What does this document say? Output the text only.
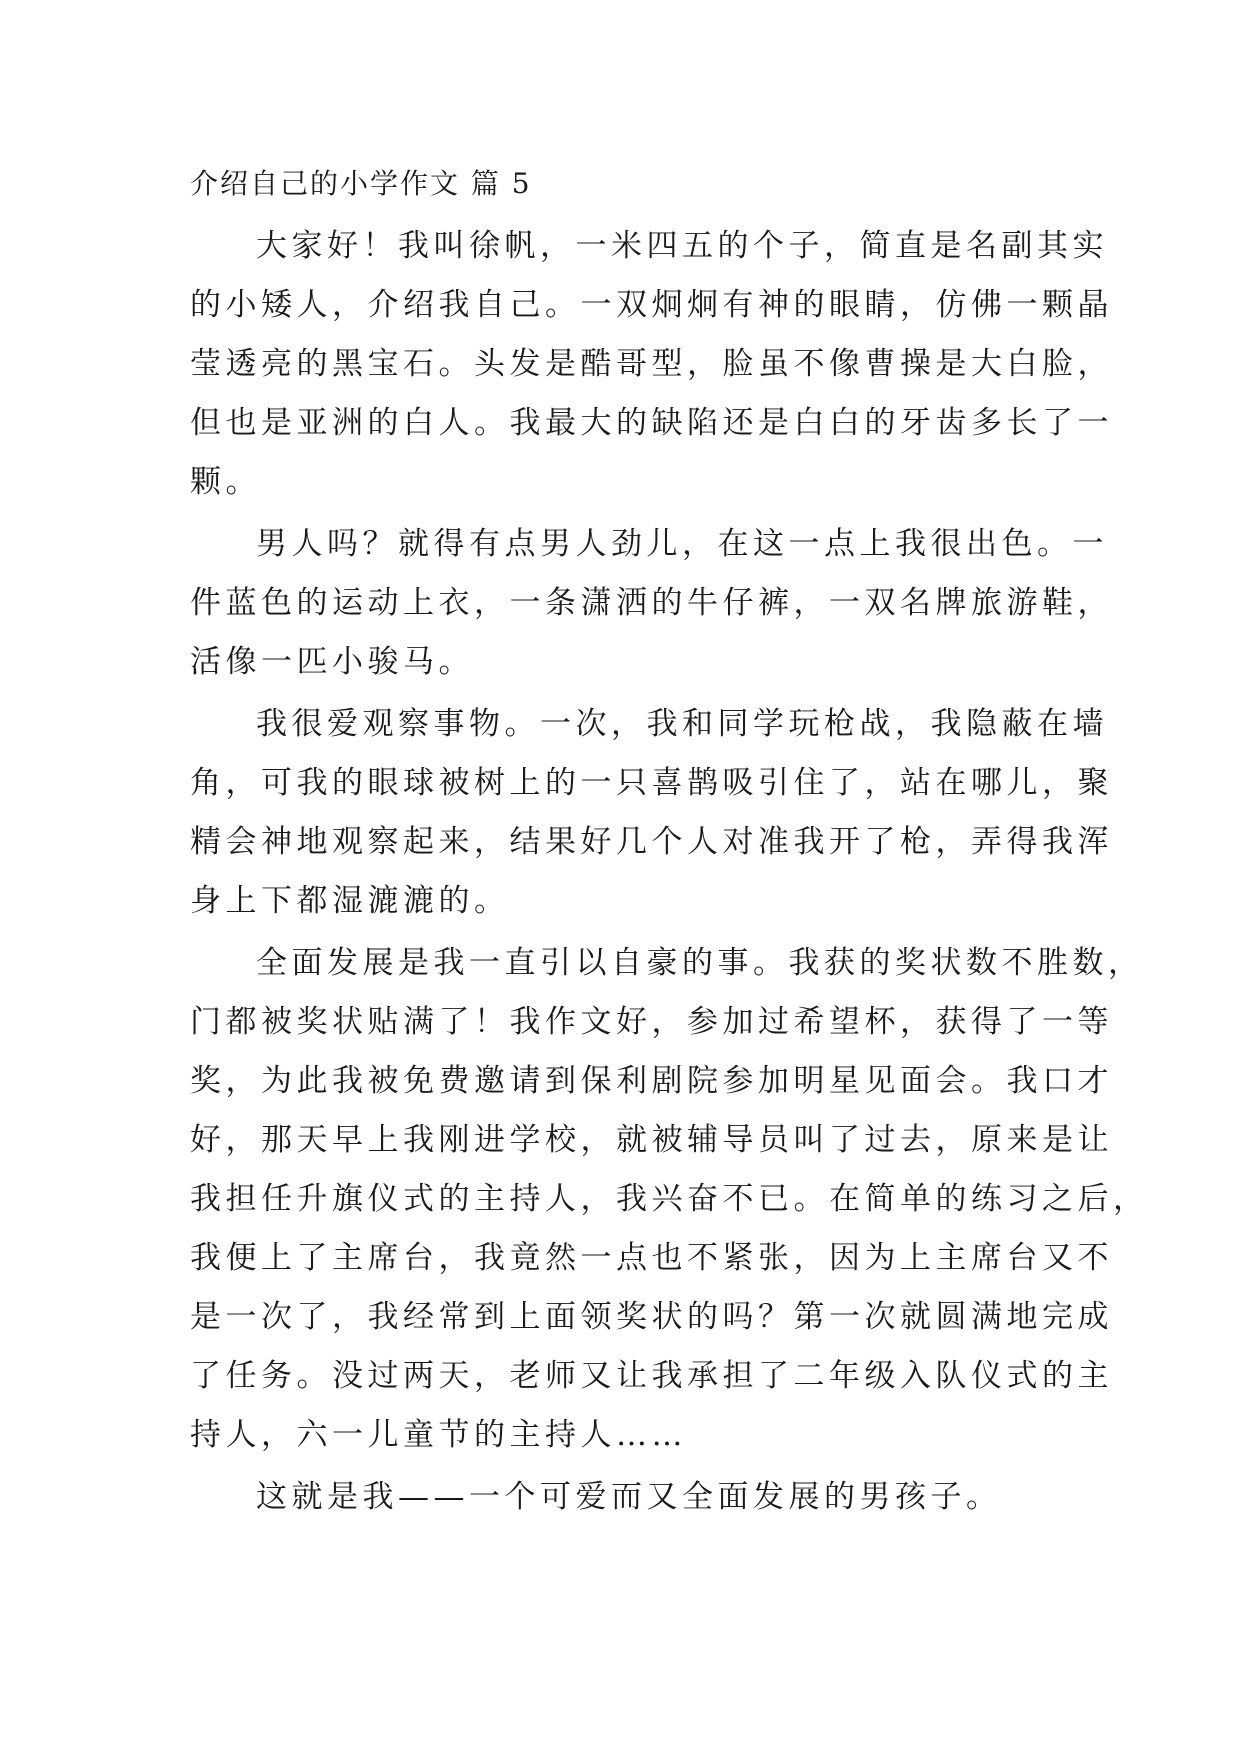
介绍自己的小学作文 篇 5
大家好！我叫徐帆，一米四五的个子，简直是名副其实
的小矮人，介绍我自己。一双炯炯有神的眼睛，仿佛一颗晶
莹透亮的黑宝石。头发是酷哥型，脸虽不像曹操是大白脸，
但也是亚洲的白人。我最大的缺陷还是白白的牙齿多长了一
颗。
男人吗？就得有点男人劲儿，在这一点上我很出色。一
件蓝色的运动上衣，一条潇洒的牛仔裤，一双名牌旅游鞋，
活像一匹小骏马。
我很爱观察事物。一次，我和同学玩枪战，我隐蔽在墙
角，可我的眼球被树上的一只喜鹊吸引住了，站在哪儿，聚
精会神地观察起来，结果好几个人对准我开了枪，弄得我浑
身上下都湿漉漉的。
全面发展是我一直引以自豪的事。我获的奖状数不胜数，
门都被奖状贴满了！我作文好，参加过希望杯，获得了一等
奖，为此我被免费邀请到保利剧院参加明星见面会。我口才
好，那天早上我刚进学校，就被辅导员叫了过去，原来是让
我担任升旗仪式的主持人，我兴奋不已。在简单的练习之后，
我便上了主席台，我竟然一点也不紧张，因为上主席台又不
是一次了，我经常到上面领奖状的吗？第一次就圆满地完成
了任务。没过两天，老师又让我承担了二年级入队仪式的主
持人，六一儿童节的主持人……
这就是我——一个可爱而又全面发展的男孩子。
